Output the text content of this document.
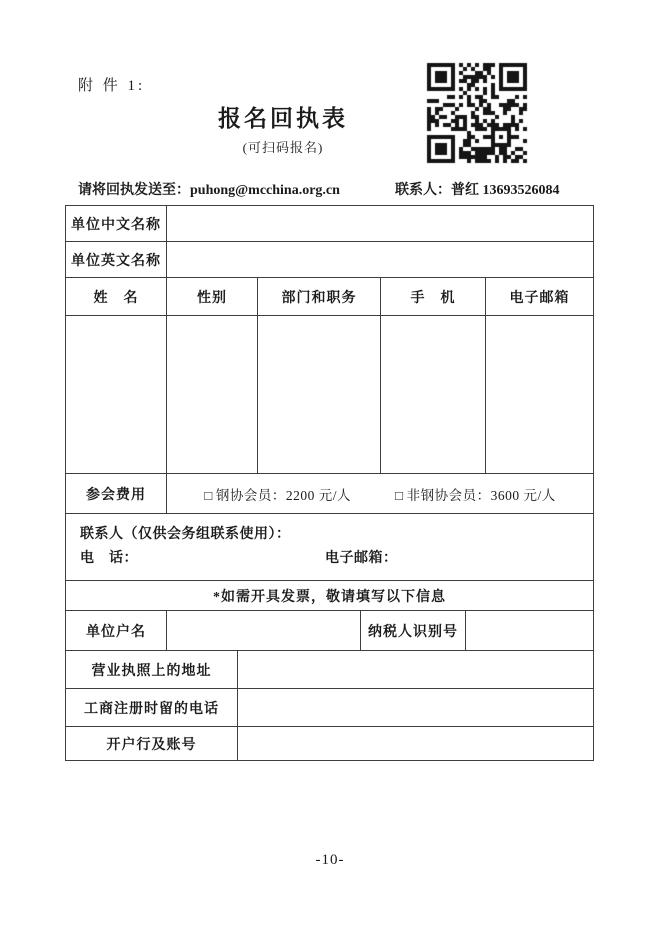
附 件 1:
报名回执表
(可扫码报名)
请将回执发送至：puhong@mcchina.org.cn	联系人：普红 13693526084
单位中文名称							
单位英文名称							
姓　名	性别		部门和职务		手　机		电子邮箱

参会费用	□ 钢协会员：2200 元/人 □ 非钢协会员：3600 元/人						

联系人（仅供会务组联系使用）：
电　话： 电子邮箱：							

*如需开具发票，敬请填写以下信息							
单位户名				纳税人识别号			
营业执照上的地址							
工商注册时留的电话							
开户行及账号							
-10-
